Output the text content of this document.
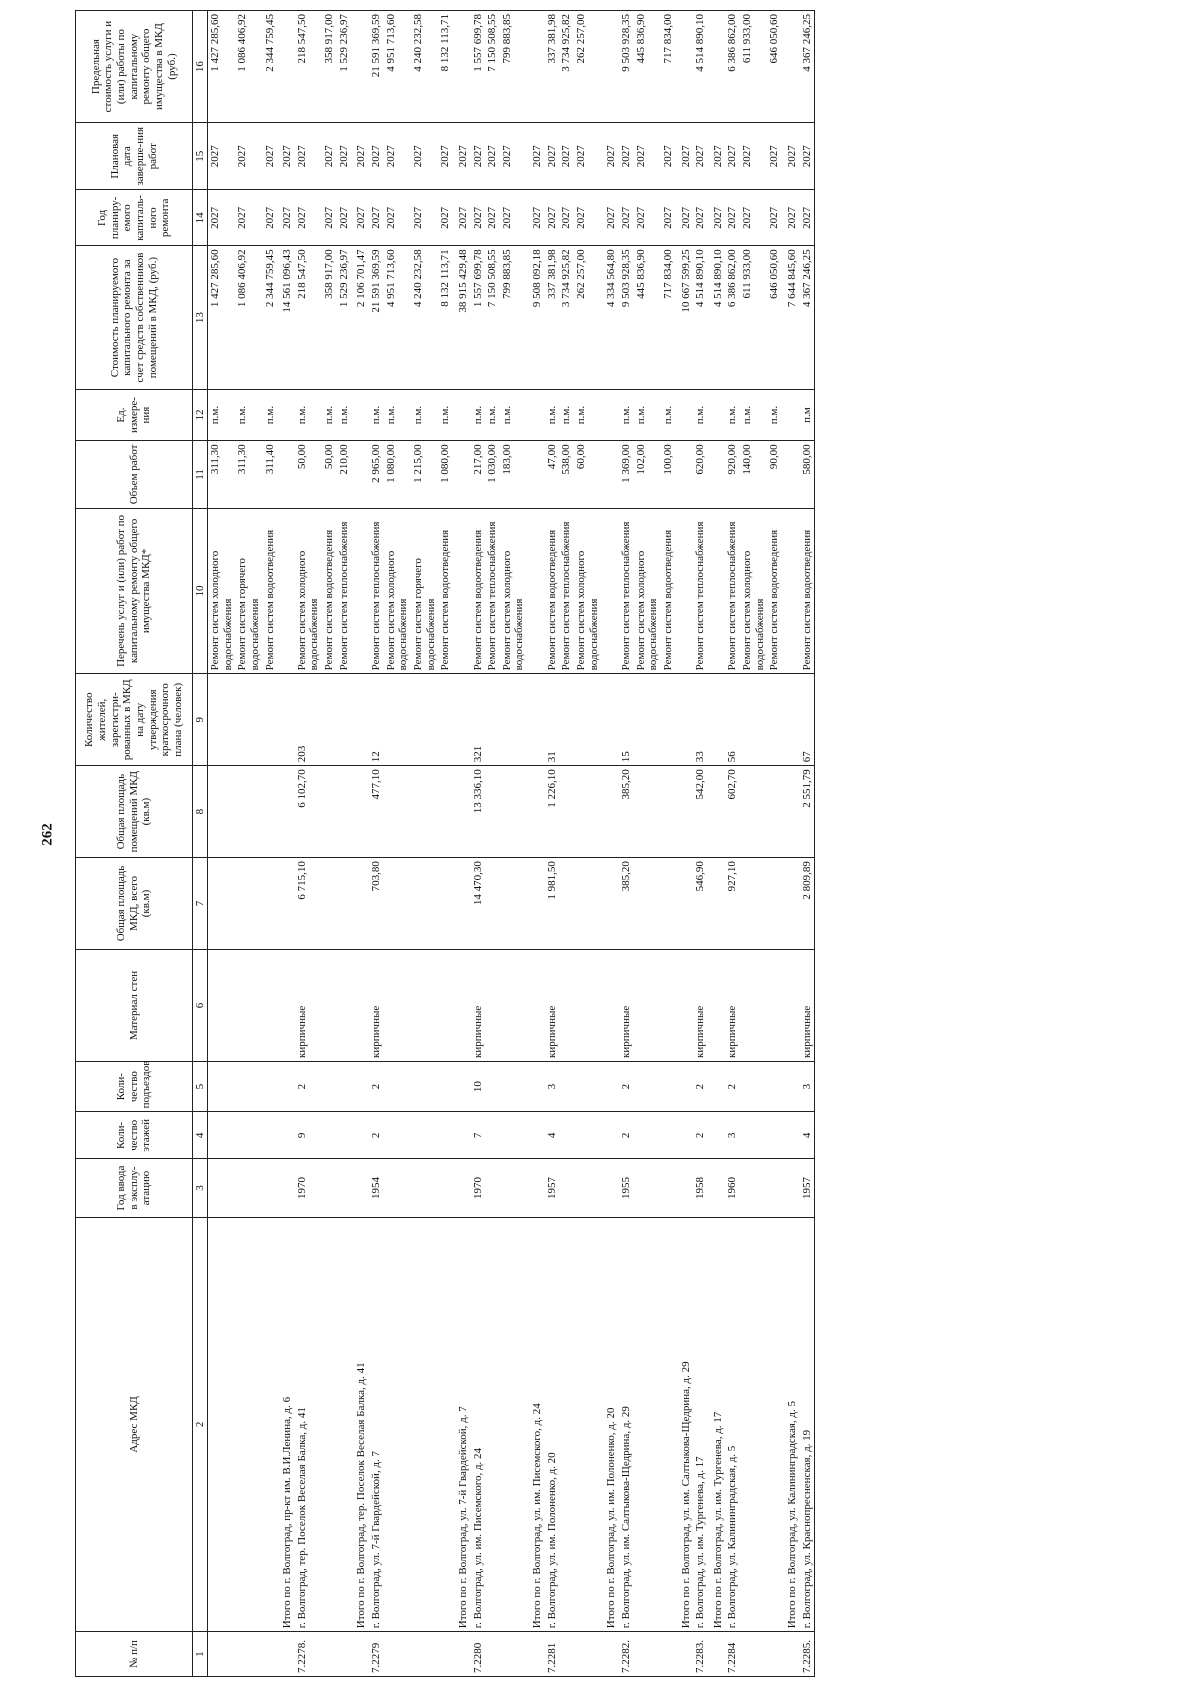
262
№ п/п	Адрес МКД	Год ввода в эксплу-атацию	Коли-чество этажей	Коли-чество подъездов	Материал стен	Общая площадь МКД, всего (кв.м)	Общая площадь помещений МКД (кв.м)	Количество жителей, зарегистри-рованных в МКД на дату утверждения краткосрочного плана (человек)	Перечень услуг и (или) работ по капитальному ремонту общего имущества МКД*	Объем работ	Ед. измере-ния	Стоимость планируемого капитального ремонта за счет средств собственников помещений в МКД, (руб.)	Год планиру-емого капиталь-ного ремонта	Плановая дата заверше-ния работ	Предельная стоимость услуги и (или) работы по капитальному ремонту общего имущества в МКД (руб.)
1	2	3	4	5	6	7	8	9	10	11	12	13	14	15	16
									Ремонт систем холодного водоснабжения	311,30	п.м.	1 427 285,60	2027	2027	1 427 285,60
									Ремонт систем горячего водоснабжения	311,30	п.м.	1 086 406,92	2027	2027	1 086 406,92
									Ремонт систем водоотведения	311,40	п.м.	2 344 759,45	2027	2027	2 344 759,45
	Итого по г. Волгоград, пр-кт им. В.И.Ленина, д. 6											14 561 096,43	2027	2027	
7.2278.	г. Волгоград, тер. Поселок Веселая Балка, д. 41	1970	9	2	кирпичные	6 715,10	6 102,70	203	Ремонт систем холодного водоснабжения	50,00	п.м.	218 547,50	2027	2027	218 547,50
									Ремонт систем водоотведения	50,00	п.м.	358 917,00	2027	2027	358 917,00
									Ремонт систем теплоснабжения	210,00	п.м.	1 529 236,97	2027	2027	1 529 236,97
	Итого по г. Волгоград, тер. Поселок Веселая Балка, д. 41											2 106 701,47	2027	2027	
7.2279	г. Волгоград, ул. 7-й Гвардейской, д. 7	1954	2	2	кирпичные	703,80	477,10	12	Ремонт систем теплоснабжения	2 965,00	п.м.	21 591 369,59	2027	2027	21 591 369,59
									Ремонт систем холодного водоснабжения	1 080,00	п.м.	4 951 713,60	2027	2027	4 951 713,60
									Ремонт систем горячего водоснабжения	1 215,00	п.м.	4 240 232,58	2027	2027	4 240 232,58
									Ремонт систем водоотведения	1 080,00	п.м.	8 132 113,71	2027	2027	8 132 113,71
	Итого по г. Волгоград, ул. 7-й Гвардейской, д. 7											38 915 429,48	2027	2027	
7.2280	г. Волгоград, ул. им. Писемского, д. 24	1970	7	10	кирпичные	14 470,30	13 336,10	321	Ремонт систем водоотведения	217,00	п.м.	1 557 699,78	2027	2027	1 557 699,78
									Ремонт систем теплоснабжения	1 030,00	п.м.	7 150 508,55	2027	2027	7 150 508,55
									Ремонт систем холодного водоснабжения	183,00	п.м.	799 883,85	2027	2027	799 883,85
	Итого по г. Волгоград, ул. им. Писемского, д. 24											9 508 092,18	2027	2027	
7.2281	г. Волгоград, ул. им. Полоненко, д. 20	1957	4	3	кирпичные	1 981,50	1 226,10	31	Ремонт систем водоотведения	47,00	п.м.	337 381,98	2027	2027	337 381,98
									Ремонт систем теплоснабжения	538,00	п.м.	3 734 925,82	2027	2027	3 734 925,82
									Ремонт систем холодного водоснабжения	60,00	п.м.	262 257,00	2027	2027	262 257,00
	Итого по г. Волгоград, ул. им. Полоненко, д. 20											4 334 564,80	2027	2027	
7.2282.	г. Волгоград, ул. им. Салтыкова-Щедрина, д. 29	1955	2	2	кирпичные	385,20	385,20	15	Ремонт систем теплоснабжения	1 369,00	п.м.	9 503 928,35	2027	2027	9 503 928,35
									Ремонт систем холодного водоснабжения	102,00	п.м.	445 836,90	2027	2027	445 836,90
									Ремонт систем водоотведения	100,00	п.м.	717 834,00	2027	2027	717 834,00
	Итого по г. Волгоград, ул. им. Салтыкова-Щедрина, д. 29											10 667 599,25	2027	2027	
7.2283.	г. Волгоград, ул. им. Тургенева, д. 17	1958	2	2	кирпичные	546,90	542,00	33	Ремонт систем теплоснабжения	620,00	п.м.	4 514 890,10	2027	2027	4 514 890,10
	Итого по г. Волгоград, ул. им. Тургенева, д. 17											4 514 890,10	2027	2027	
7.2284	г. Волгоград, ул. Калининградская, д. 5	1960	3	2	кирпичные	927,10	602,70	56	Ремонт систем теплоснабжения	920,00	п.м.	6 386 862,00	2027	2027	6 386 862,00
									Ремонт систем холодного водоснабжения	140,00	п.м.	611 933,00	2027	2027	611 933,00
									Ремонт систем водоотведения	90,00	п.м.	646 050,60	2027	2027	646 050,60
	Итого по г. Волгоград, ул. Калининградская, д. 5											7 644 845,60	2027	2027	
7.2285.	г. Волгоград, ул. Краснопресненская, д. 19	1957	4	3	кирпичные	2 809,89	2 551,79	67	Ремонт систем водоотведения	580,00	п.м	4 367 246,25	2027	2027	4 367 246,25
